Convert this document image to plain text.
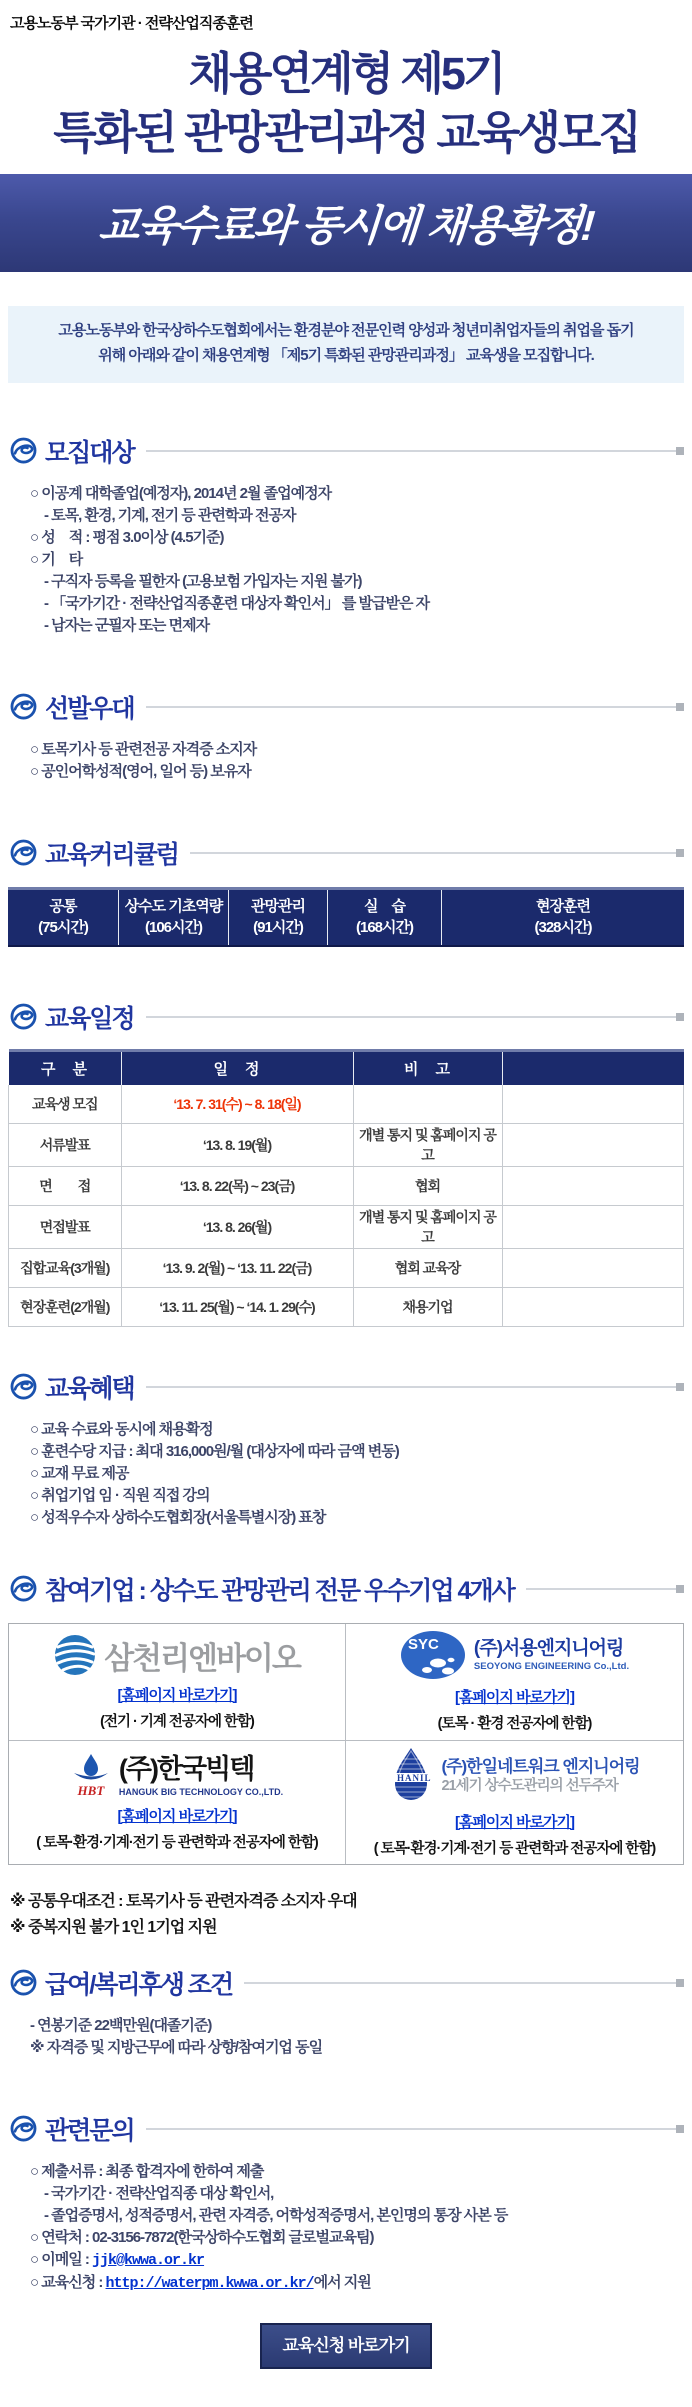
고용노동부 국가기관 · 전략산업직종훈련
채용연계형 제5기
특화된 관망관리과정 교육생모집
교육수료와 동시에 채용확정!
고용노동부와 한국상하수도협회에서는 환경분야 전문인력 양성과 청년미취업자들의 취업을 돕기
위해 아래와 같이 채용연계형 「제5기 특화된 관망관리과정」 교육생을 모집합니다.
모집대상
○ 이공계 대학졸업(예정자), 2014년 2월 졸업예정자
- 토목, 환경, 기계, 전기 등 관련학과 전공자
○ 성　적 : 평점 3.0이상 (4.5기준)
○ 기　타
- 구직자 등록을 필한자 (고용보험 가입자는 지원 불가)
- 「국가기간 · 전략산업직종훈련 대상자 확인서」 를 발급받은 자
- 남자는 군필자 또는 면제자
선발우대
○ 토목기사 등 관련전공 자격증 소지자
○ 공인어학성적(영어, 일어 등) 보유자
교육커리큘럼
공통
(75시간)
상수도 기초역량
(106시간)
관망관리
(91시간)
실　습
(168시간)
현장훈련
(328시간)
교육일정
구　분	일　정	비　고	
교육생 모집	‘13. 7. 31(수) ~ 8. 18(일)		
서류발표	‘13. 8. 19(월)	개별 통지 및 홈페이지 공고	
면　　접	‘13. 8. 22(목) ~ 23(금)	협회	
면접발표	‘13. 8. 26(월)	개별 통지 및 홈페이지 공고	
집합교육(3개월)	‘13. 9. 2(월) ~ ‘13. 11. 22(금)	협회 교육장	
현장훈련(2개월)	‘13. 11. 25(월) ~ ‘14. 1. 29(수)	채용기업	
교육혜택
○ 교육 수료와 동시에 채용확정
○ 훈련수당 지급 : 최대 316,000원/월 (대상자에 따라 금액 변동)
○ 교재 무료 제공
○ 취업기업 임 · 직원 직접 강의
○ 성적우수자 상하수도협회장(서울특별시장) 표창
참여기업 : 상수도 관망관리 전문 우수기업 4개사
삼천리엔바이오
[홈페이지 바로가기]
(전기 · 기계 전공자에 한함)
SYC (주)서용엔지니어링
SEOYONG ENGINEERING Co.,Ltd.
[홈페이지 바로가기]
(토목 · 환경 전공자에 한함)
HBT
(주)한국빅텍
HANGUK BIG TECHNOLOGY CO.,LTD.
[홈페이지 바로가기]
( 토목·환경·기계·전기 등 관련학과 전공자에 한함)
HANIL
(주)한일네트워크 엔지니어링
21세기 상수도관리의 선두주자
[홈페이지 바로가기]
( 토목·환경·기계·전기 등 관련학과 전공자에 한함)
※ 공통우대조건 : 토목기사 등 관련자격증 소지자 우대
※ 중복지원 불가 1인 1기업 지원
급여/복리후생 조건
- 연봉기준 22백만원(대졸기준)
※ 자격증 및 지방근무에 따라 상향/참여기업 동일
관련문의
○ 제출서류 : 최종 합격자에 한하여 제출
- 국가기간 · 전략산업직종 대상 확인서,
- 졸업증명서, 성적증명서, 관련 자격증, 어학성적증명서, 본인명의 통장 사본 등
○ 연락처 : 02-3156-7872(한국상하수도협회 글로벌교육팀)
○ 이메일 : jjk@kwwa.or.kr
○ 교육신청 : http://waterpm.kwwa.or.kr/에서 지원
교육신청 바로가기
